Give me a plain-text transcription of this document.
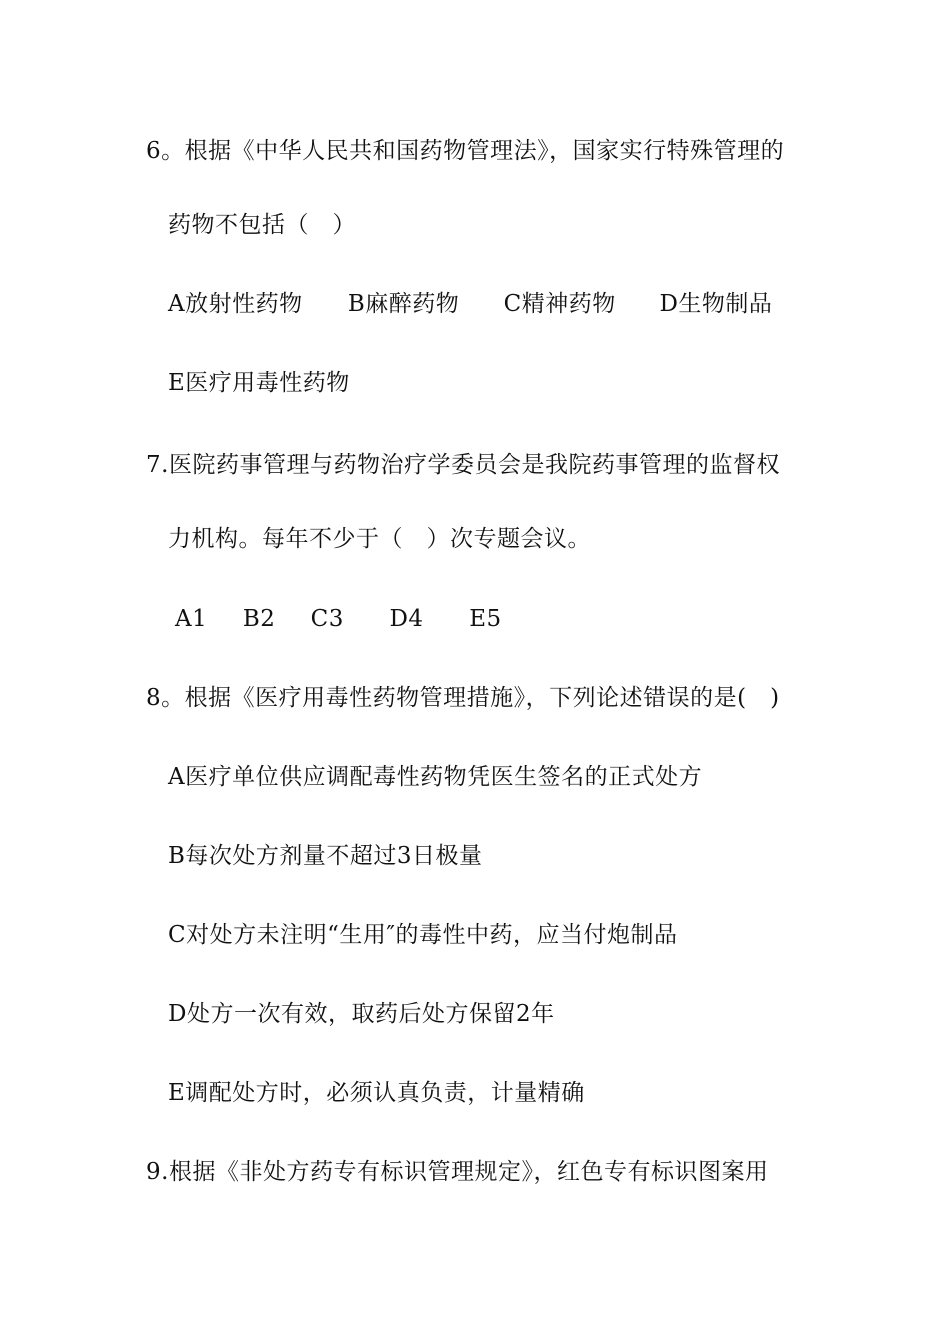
6。根据《中华人民共和国药物管理法》，国家实行特殊管理的
药物不包括（　）
A放射性药物 B麻醉药物 C精神药物 D生物制品
E医疗用毒性药物
7.医院药事管理与药物治疗学委员会是我院药事管理的监督权
力机构。每年不少于（　）次专题会议。
A1 B2 C3 D4 E5
8。根据《医疗用毒性药物管理措施》，下列论述错误的是(　)
A医疗单位供应调配毒性药物凭医生签名的正式处方
B每次处方剂量不超过3日极量
C对处方未注明“生用″的毒性中药，应当付炮制品
D处方一次有效，取药后处方保留2年
E调配处方时，必须认真负责，计量精确
9.根据《非处方药专有标识管理规定》，红色专有标识图案用
